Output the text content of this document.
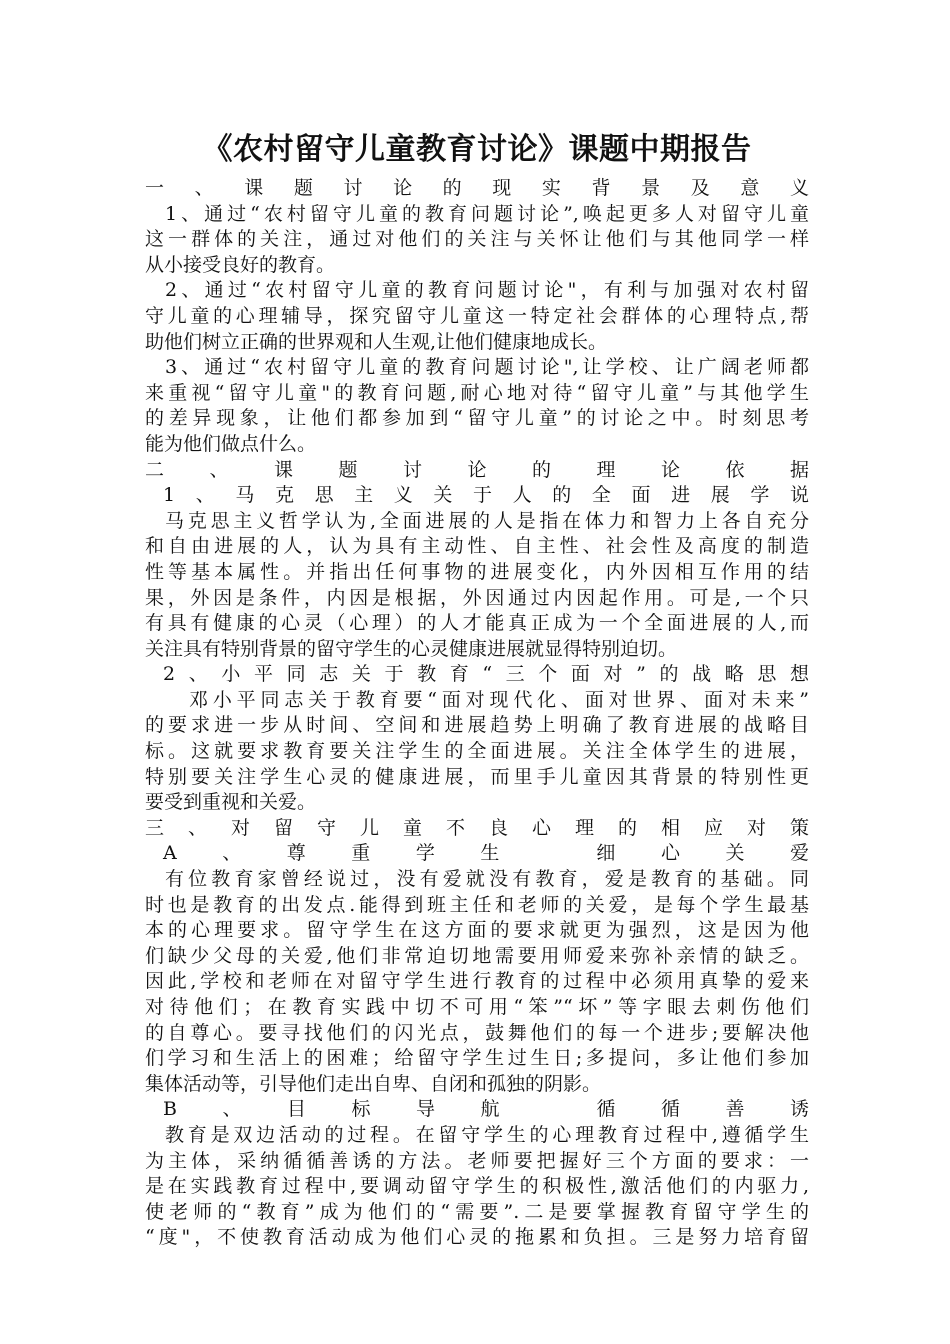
《农村留守儿童教育讨论》课题中期报告
一、课题讨论的现实背景及意义
1、通过“农村留守儿童的教育问题讨论”,唤起更多人对留守儿童
这一群体的关注，通过对他们的关注与关怀让他们与其他同学一样
从小接受良好的教育。
2、通过“农村留守儿童的教育问题讨论"，有利与加强对农村留
守儿童的心理辅导，探究留守儿童这一特定社会群体的心理特点,帮
助他们树立正确的世界观和人生观,让他们健康地成长。
3、通过“农村留守儿童的教育问题讨论",让学校、让广阔老师都
来重视“留守儿童"的教育问题,耐心地对待“留守儿童”与其他学生
的差异现象，让他们都参加到“留守儿童”的讨论之中。时刻思考
能为他们做点什么。
二、课题讨论的理论依据
1、马克思主义关于人的全面进展学说
马克思主义哲学认为,全面进展的人是指在体力和智力上各自充分
和自由进展的人，认为具有主动性、自主性、社会性及高度的制造
性等基本属性。并指出任何事物的进展变化，内外因相互作用的结
果，外因是条件，内因是根据，外因通过内因起作用。可是,一个只
有具有健康的心灵（心理）的人才能真正成为一个全面进展的人,而
关注具有特别背景的留守学生的心灵健康进展就显得特别迫切。
2、小平同志关于教育“三个面对”的战略思想
邓小平同志关于教育要“面对现代化、面对世界、面对未来”
的要求进一步从时间、空间和进展趋势上明确了教育进展的战略目
标。这就要求教育要关注学生的全面进展。关注全体学生的进展，
特别要关注学生心灵的健康进展，而里手儿童因其背景的特别性更
要受到重视和关爱。
三、对留守儿童不良心理的相应对策
A、尊重学生 细心关爱
有位教育家曾经说过，没有爱就没有教育，爱是教育的基础。同
时也是教育的出发点.能得到班主任和老师的关爱，是每个学生最基
本的心理要求。留守学生在这方面的要求就更为强烈，这是因为他
们缺少父母的关爱,他们非常迫切地需要用师爱来弥补亲情的缺乏。
因此,学校和老师在对留守学生进行教育的过程中必须用真挚的爱来
对待他们；在教育实践中切不可用“笨”“坏”等字眼去刺伤他们
的自尊心。要寻找他们的闪光点，鼓舞他们的每一个进步;要解决他
们学习和生活上的困难；给留守学生过生日;多提问，多让他们参加
集体活动等，引导他们走出自卑、自闭和孤独的阴影。
B、目标导航 循循善诱
教育是双边活动的过程。在留守学生的心理教育过程中,遵循学生
为主体，采纳循循善诱的方法。老师要把握好三个方面的要求：一
是在实践教育过程中,要调动留守学生的积极性,激活他们的内驱力,
使老师的“教育”成为他们的“需要”.二是要掌握教育留守学生的
“度"，不使教育活动成为他们心灵的拖累和负担。三是努力培育留
